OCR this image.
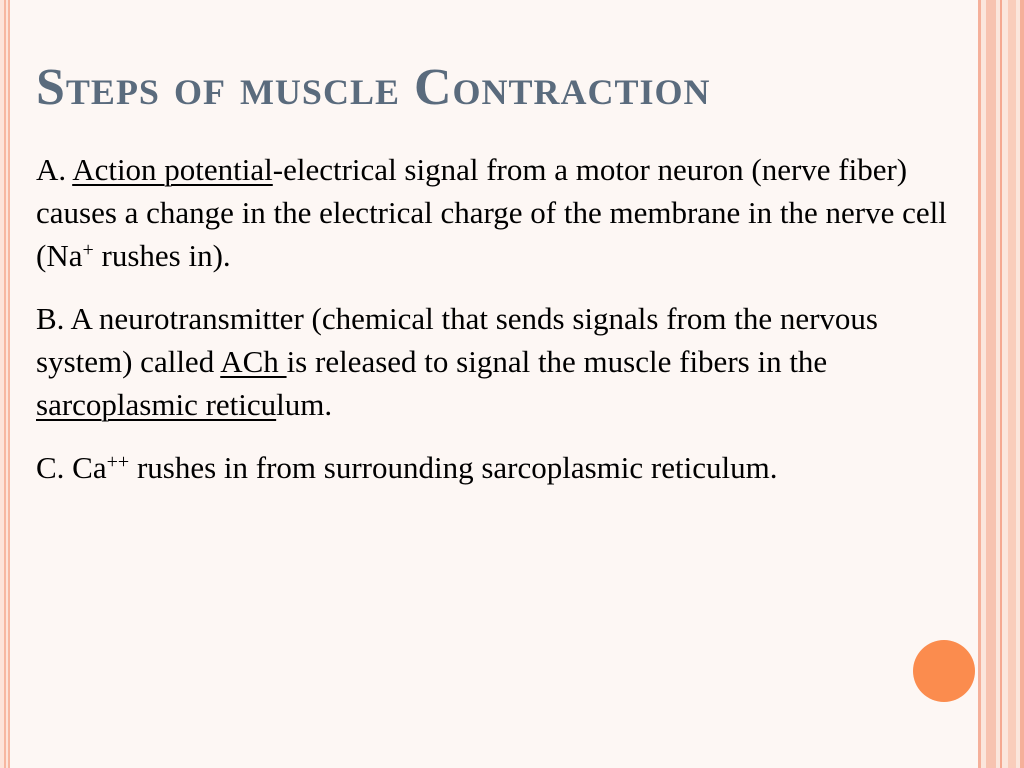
Steps of muscle Contraction

A. Action potential-electrical signal from a motor neuron (nerve fiber) causes a change in the electrical charge of the membrane in the nerve cell (Na+ rushes in).

B. A neurotransmitter (chemical that sends signals from the nervous system) called ACh is released to signal the muscle fibers in the sarcoplasmic reticulum.

C. Ca++ rushes in from surrounding sarcoplasmic reticulum.
